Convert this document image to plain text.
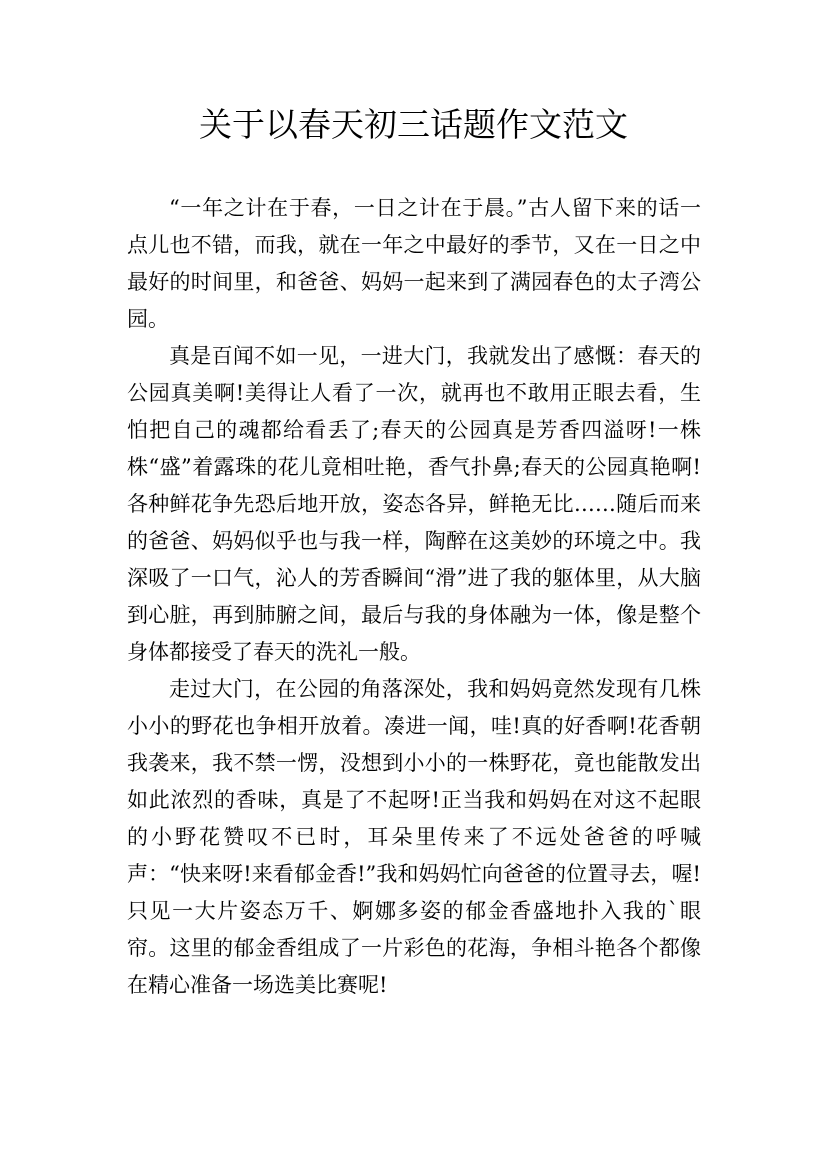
关于以春天初三话题作文范文

“一年之计在于春，一日之计在于晨。”古人留下来的话一点儿也不错，而我，就在一年之中最好的季节，又在一日之中最好的时间里，和爸爸、妈妈一起来到了满园春色的太子湾公园。

真是百闻不如一见，一进大门，我就发出了感慨：春天的公园真美啊!美得让人看了一次，就再也不敢用正眼去看，生怕把自己的魂都给看丢了;春天的公园真是芳香四溢呀!一株株“盛”着露珠的花儿竟相吐艳，香气扑鼻;春天的公园真艳啊!各种鲜花争先恐后地开放，姿态各异，鲜艳无比……随后而来的爸爸、妈妈似乎也与我一样，陶醉在这美妙的环境之中。我深吸了一口气，沁人的芳香瞬间“滑”进了我的躯体里，从大脑到心脏，再到肺腑之间，最后与我的身体融为一体，像是整个身体都接受了春天的洗礼一般。

走过大门，在公园的角落深处，我和妈妈竟然发现有几株小小的野花也争相开放着。凑进一闻，哇!真的好香啊!花香朝我袭来，我不禁一愣，没想到小小的一株野花，竟也能散发出如此浓烈的香味，真是了不起呀!正当我和妈妈在对这不起眼的小野花赞叹不已时，耳朵里传来了不远处爸爸的呼喊声：“快来呀!来看郁金香!”我和妈妈忙向爸爸的位置寻去，喔!只见一大片姿态万千、婀娜多姿的郁金香盛地扑入我的`眼帘。这里的郁金香组成了一片彩色的花海，争相斗艳各个都像在精心准备一场选美比赛呢!
